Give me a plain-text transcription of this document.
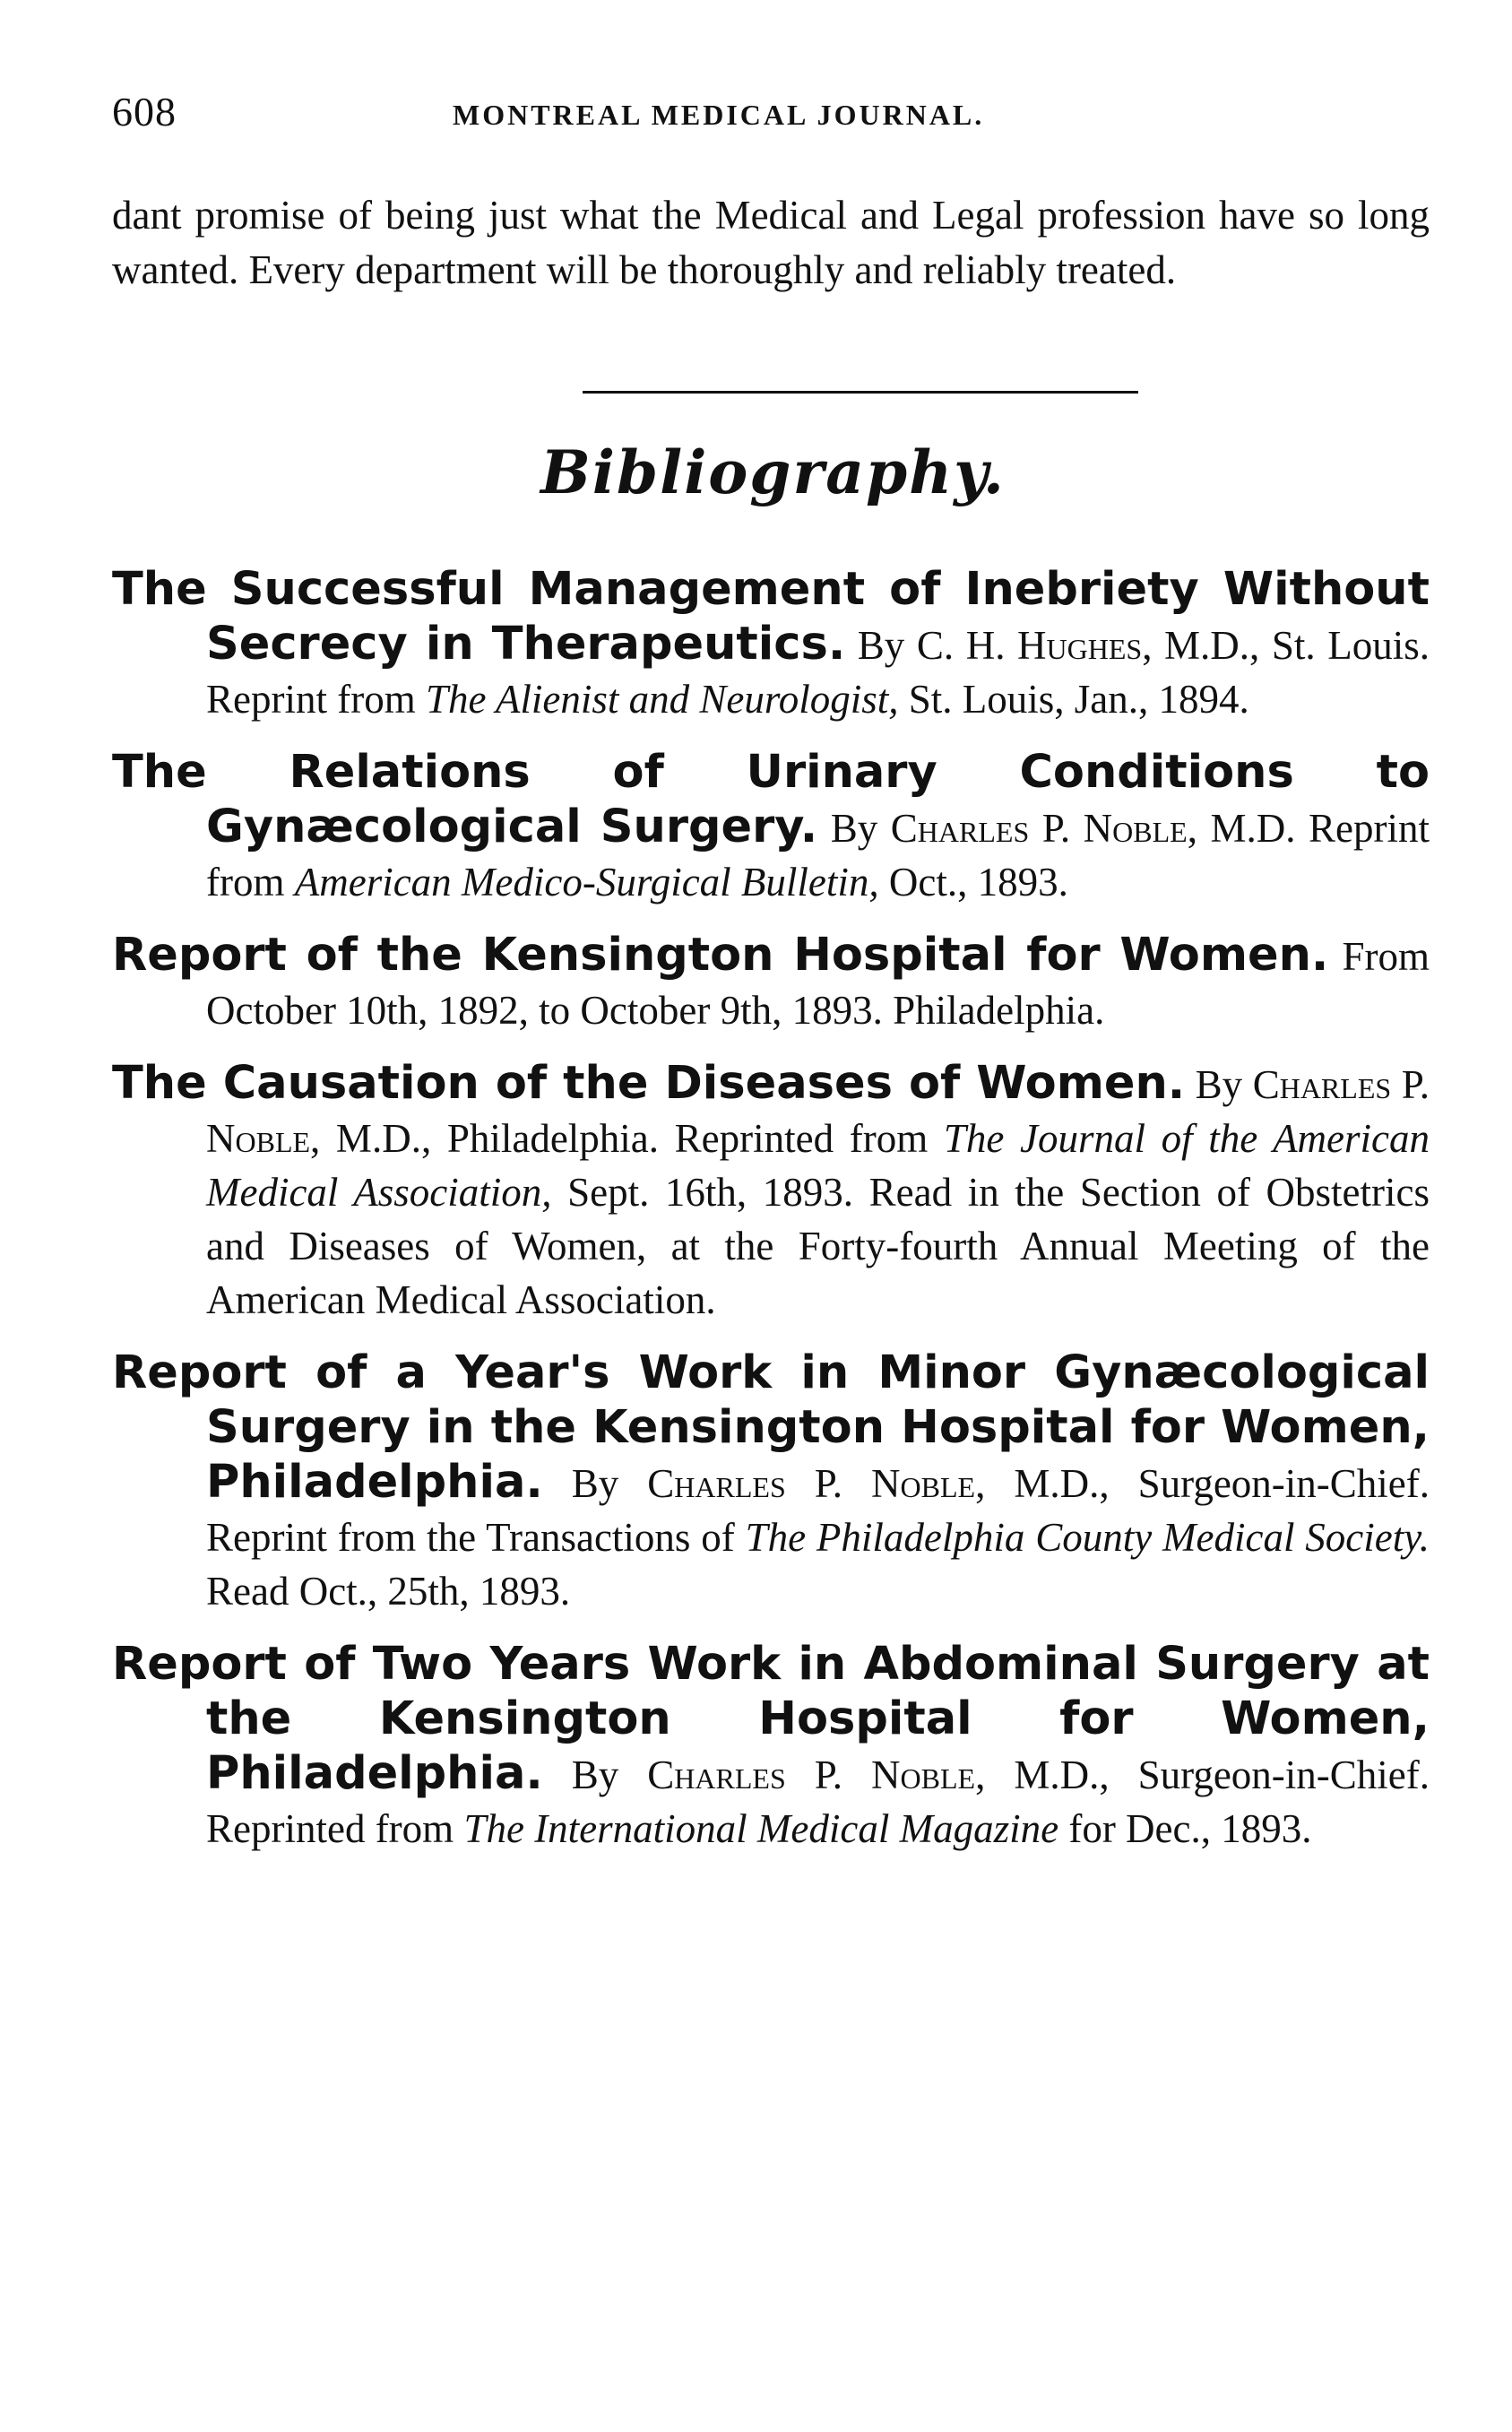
608	MONTREAL MEDICAL JOURNAL.

dant promise of being just what the Medical and Legal profession have so long wanted. Every department will be thoroughly and reliably treated.

Bibliography.

The Successful Management of Inebriety Without Secrecy in Therapeutics. By C. H. Hughes, M.D., St. Louis. Reprint from The Alienist and Neurologist, St. Louis, Jan., 1894.

The Relations of Urinary Conditions to Gynæcological Surgery. By Charles P. Noble, M.D. Reprint from American Medico-Surgical Bulletin, Oct., 1893.

Report of the Kensington Hospital for Women. From October 10th, 1892, to October 9th, 1893. Philadelphia.

The Causation of the Diseases of Women. By Charles P. Noble, M.D., Philadelphia. Reprinted from The Journal of the American Medical Association, Sept. 16th, 1893. Read in the Section of Obstetrics and Diseases of Women, at the Forty-fourth Annual Meeting of the American Medical Association.

Report of a Year's Work in Minor Gynæcological Surgery in the Kensington Hospital for Women, Philadelphia. By Charles P. Noble, M.D., Surgeon-in-Chief. Reprint from the Transactions of The Philadelphia County Medical Society. Read Oct., 25th, 1893.

Report of Two Years Work in Abdominal Surgery at the Kensington Hospital for Women, Philadelphia. By Charles P. Noble, M.D., Surgeon-in-Chief. Reprinted from The International Medical Magazine for Dec., 1893.
